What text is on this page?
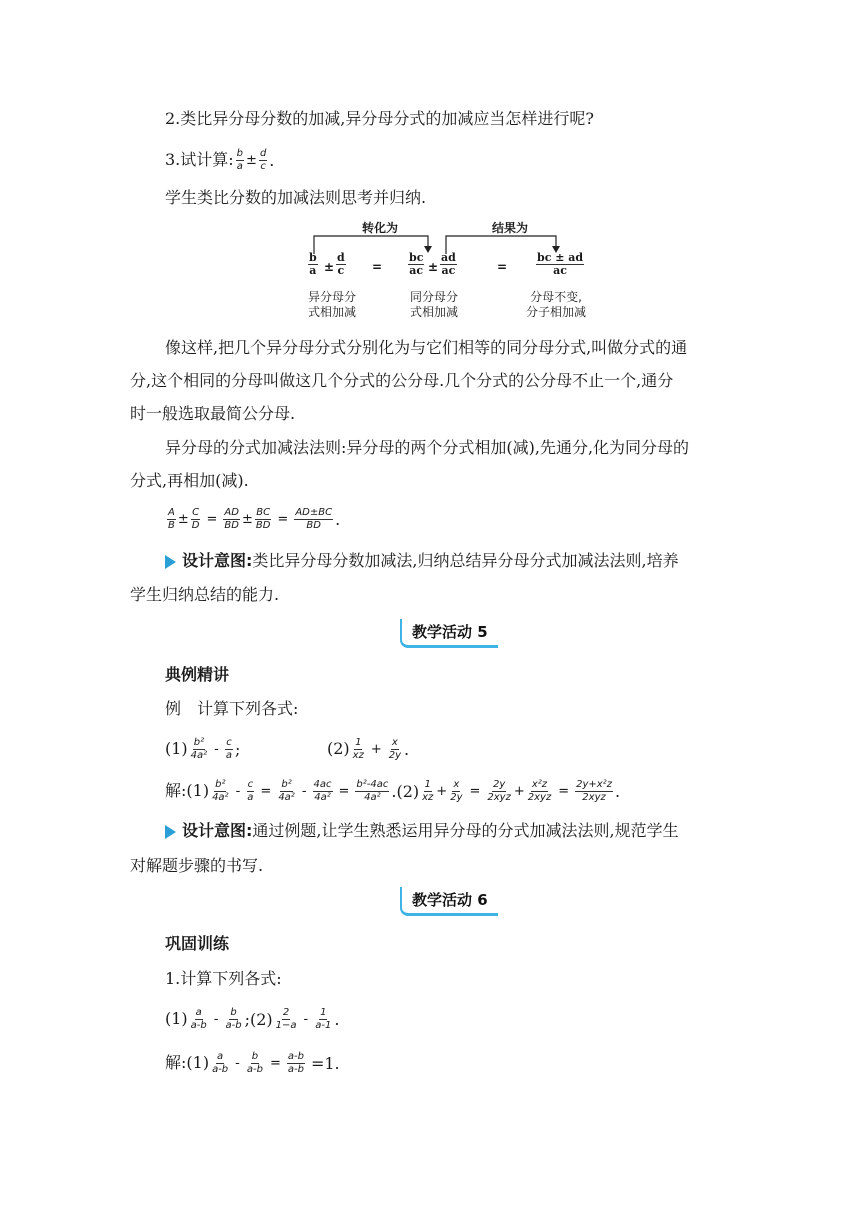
2.类比异分母分数的加减,异分母分式的加减应当怎样进行呢?
3.试计算: $\frac{b}{a} \pm \frac{d}{c}$ .
学生类比分数的加减法则思考并归纳.
转化为	结果为
$\frac{b}{a} \pm \frac{d}{c} = \frac{bc}{ac} \pm \frac{ad}{ac}$	=	$\frac{bc \pm ad}{ac}$
异分母分
式相加减
同分母分
式相加减
分母不变,
分子相加减
像这样,把几个异分母分式分别化为与它们相等的同分母分式,叫做分式的通
分,这个相同的分母叫做这几个分式的公分母.几个分式的公分母不止一个,通分
时一般选取最简公分母.
异分母的分式加减法法则:异分母的两个分式相加(减),先通分,化为同分母的
分式,再相加(减).
$\frac{A}{B} \pm \frac{C}{D} = \frac{AD}{BD} \pm \frac{BC}{BD} = \frac{AD\pm BC}{BD}$ .
设计意图:类比异分母分数加减法,归纳总结异分母分式加减法法则,培养
学生归纳总结的能力.
教学活动 5
典例精讲
例　计算下列各式:
$(1) \frac{\text{b²}}{\text{4a²}} - \frac{c}{a}$ ;	$(2) \frac{1}{xz} + \frac{x}{2y}$ .
解:(1) $\frac{\text{b²}}{\text{4a²}} - \frac{c}{a} = \frac{\text{b²}}{\text{4a²}} - \frac{4ac}{\text{4a²}} = \frac{\text{b²-4ac}}{\text{4a²}} .(2) \frac{1}{xz} + \frac{x}{2y} = \frac{2y}{\text{2xyz}} + \frac{\text{x²z}}{\text{2xyz}} = \frac{\text{2y+x²z}}{\text{2xyz}}$ .
设计意图:通过例题,让学生熟悉运用异分母的分式加减法法则,规范学生
对解题步骤的书写.
教学活动 6
巩固训练
1.计算下列各式:
$(1) \frac{a}{a-b} - \frac{b}{a-b}$ ;(2) $\frac{2}{1-a} - \frac{1}{a-1}$ .
解:(1) $\frac{a}{a-b} - \frac{b}{a-b} = \frac{a-b}{a-b} =1$.
